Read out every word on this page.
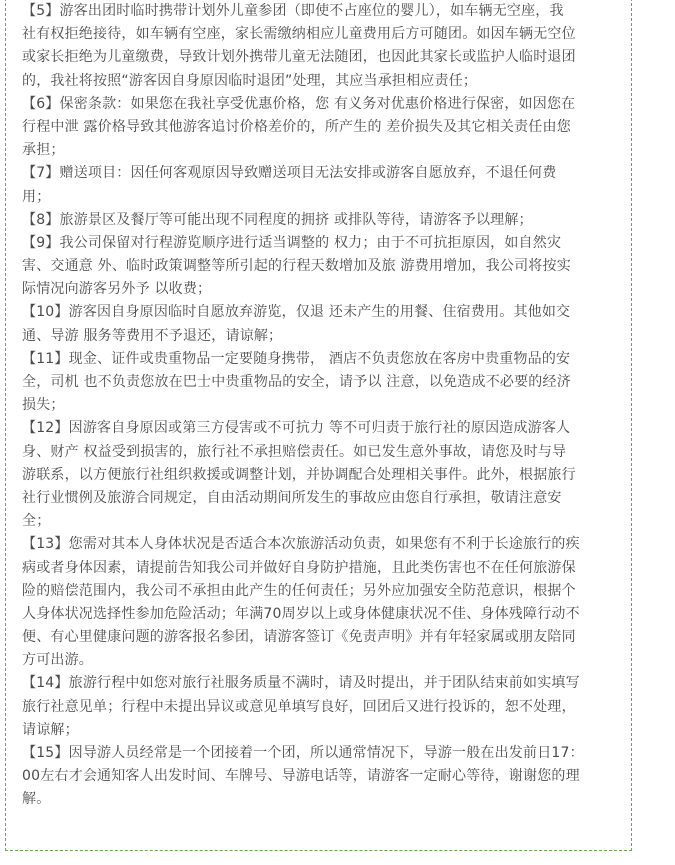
【5】游客出团时临时携带计划外儿童参团（即使不占座位的婴儿），如车辆无空座，我
社有权拒绝接待，如车辆有空座，家长需缴纳相应儿童费用后方可随团。如因车辆无空位
或家长拒绝为儿童缴费，导致计划外携带儿童无法随团，也因此其家长或监护人临时退团
的，我社将按照“游客因自身原因临时退团”处理，其应当承担相应责任；
【6】保密条款：如果您在我社享受优惠价格，您 有义务对优惠价格进行保密，如因您在
行程中泄 露价格导致其他游客追讨价格差价的，所产生的 差价损失及其它相关责任由您
承担；
【7】赠送项目：因任何客观原因导致赠送项目无法安排或游客自愿放弃，不退任何费
用；
【8】旅游景区及餐厅等可能出现不同程度的拥挤 或排队等待，请游客予以理解；
【9】我公司保留对行程游览顺序进行适当调整的 权力；由于不可抗拒原因，如自然灾
害、交通意 外、临时政策调整等所引起的行程天数增加及旅 游费用增加，我公司将按实
际情况向游客另外予 以收费；
【10】游客因自身原因临时自愿放弃游览，仅退 还未产生的用餐、住宿费用。其他如交
通、导游 服务等费用不予退还，请谅解；
【11】现金、证件或贵重物品一定要随身携带， 酒店不负责您放在客房中贵重物品的安
全，司机 也不负责您放在巴士中贵重物品的安全，请予以 注意，以免造成不必要的经济
损失；
【12】因游客自身原因或第三方侵害或不可抗力 等不可归责于旅行社的原因造成游客人
身、财产 权益受到损害的，旅行社不承担赔偿责任。如已发生意外事故，请您及时与导
游联系，以方便旅行社组织救援或调整计划，并协调配合处理相关事件。此外，根据旅行
社行业惯例及旅游合同规定，自由活动期间所发生的事故应由您自行承担，敬请注意安
全；
【13】您需对其本人身体状况是否适合本次旅游活动负责，如果您有不利于长途旅行的疾
病或者身体因素，请提前告知我公司并做好自身防护措施，且此类伤害也不在任何旅游保
险的赔偿范围内，我公司不承担由此产生的任何责任；另外应加强安全防范意识，根据个
人身体状况选择性参加危险活动；年满70周岁以上或身体健康状况不佳、身体残障行动不
便、有心里健康问题的游客报名参团，请游客签订《免责声明》并有年轻家属或朋友陪同
方可出游。
【14】旅游行程中如您对旅行社服务质量不满时，请及时提出，并于团队结束前如实填写
旅行社意见单；行程中未提出异议或意见单填写良好，回团后又进行投诉的，恕不处理，
请谅解；
【15】因导游人员经常是一个团接着一个团，所以通常情况下，导游一般在出发前日17：
00左右才会通知客人出发时间、车牌号、导游电话等，请游客一定耐心等待，谢谢您的理
解。
